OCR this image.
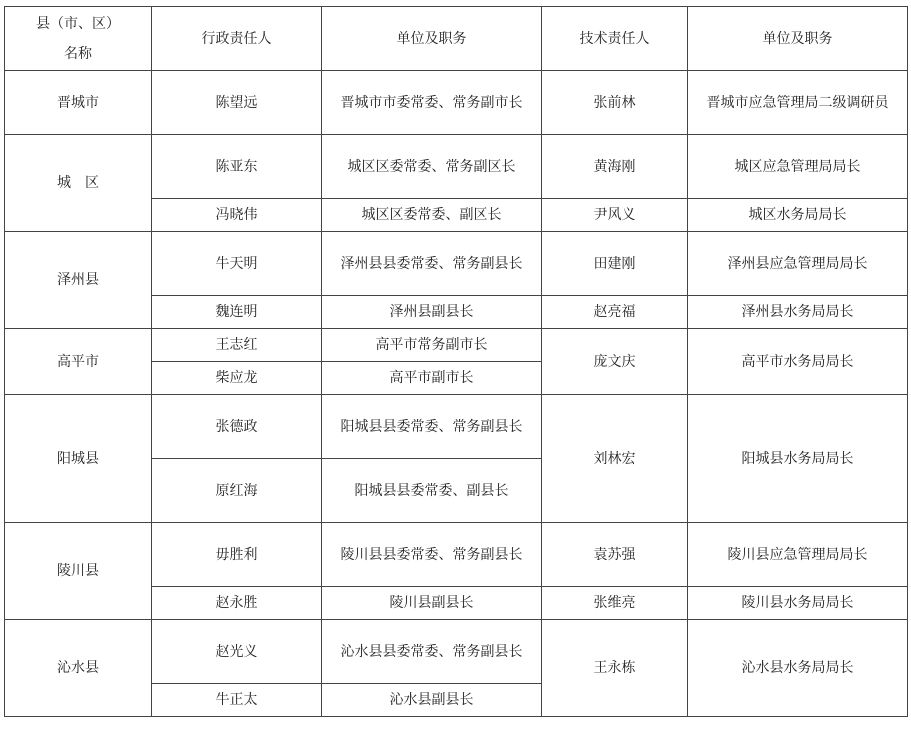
县（市、区）
名称	行政责任人	单位及职务	技术责任人	单位及职务
晋城市	陈望远	晋城市市委常委、常务副市长	张前林	晋城市应急管理局二级调研员
城　区	陈亚东	城区区委常委、常务副区长	黄海刚	城区应急管理局局长
	冯晓伟	城区区委常委、副区长	尹风义	城区水务局局长
泽州县	牛天明	泽州县县委常委、常务副县长	田建刚	泽州县应急管理局局长
	魏连明	泽州县副县长	赵亮福	泽州县水务局局长
高平市	王志红	高平市常务副市长	庞文庆	高平市水务局局长
	柴应龙	高平市副市长		
阳城县	张德政	阳城县县委常委、常务副县长	刘林宏	阳城县水务局局长
	原红海	阳城县县委常委、副县长		
陵川县	毋胜利	陵川县县委常委、常务副县长	袁苏强	陵川县应急管理局局长
	赵永胜	陵川县副县长	张维亮	陵川县水务局局长
沁水县	赵光义	沁水县县委常委、常务副县长	王永栋	沁水县水务局局长
	牛正太	沁水县副县长		
